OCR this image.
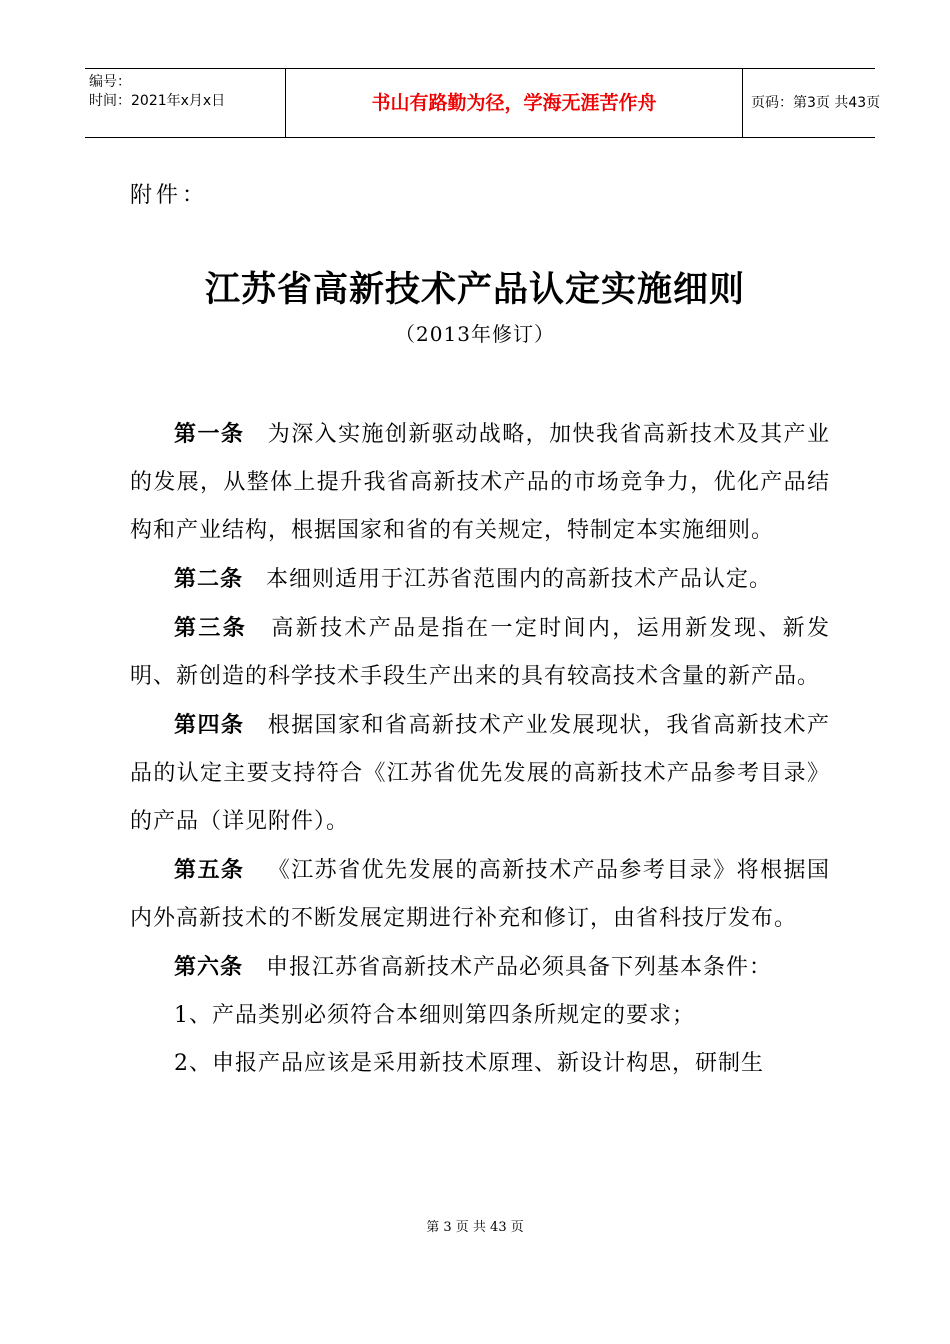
编号：
时间：2021年x月x日	书山有路勤为径，学海无涯苦作舟	页码：第3页 共43页
附件：
江苏省高新技术产品认定实施细则
（2013年修订）

第一条  为深入实施创新驱动战略，加快我省高新技术及其产业的发展，从整体上提升我省高新技术产品的市场竞争力，优化产品结构和产业结构，根据国家和省的有关规定，特制定本实施细则。

第二条  本细则适用于江苏省范围内的高新技术产品认定。

第三条  高新技术产品是指在一定时间内，运用新发现、新发明、新创造的科学技术手段生产出来的具有较高技术含量的新产品。

第四条  根据国家和省高新技术产业发展现状，我省高新技术产品的认定主要支持符合《江苏省优先发展的高新技术产品参考目录》的产品（详见附件）。

第五条  《江苏省优先发展的高新技术产品参考目录》将根据国内外高新技术的不断发展定期进行补充和修订，由省科技厅发布。

第六条  申报江苏省高新技术产品必须具备下列基本条件：

1、产品类别必须符合本细则第四条所规定的要求；

2、申报产品应该是采用新技术原理、新设计构思，研制生

第 3 页 共 43 页
